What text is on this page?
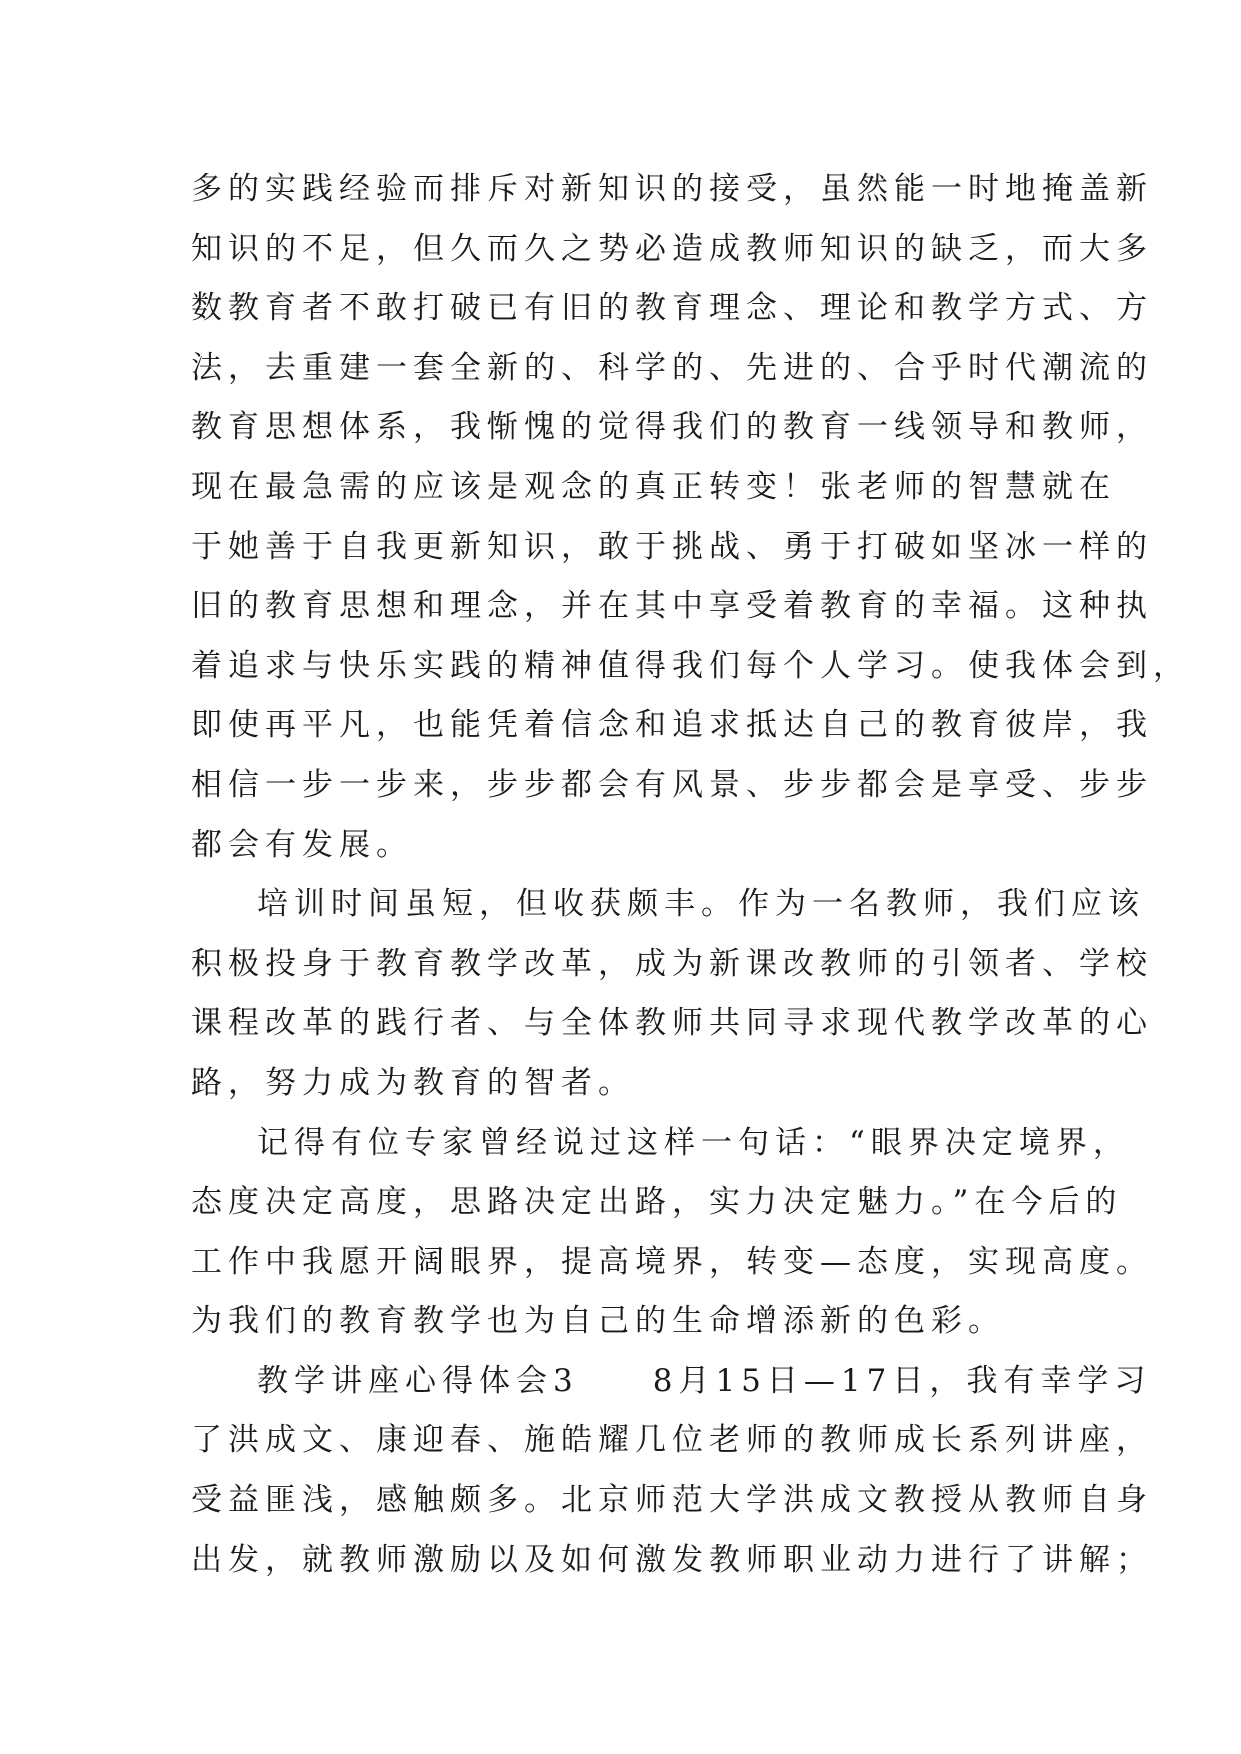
多的实践经验而排斥对新知识的接受，虽然能一时地掩盖新
知识的不足，但久而久之势必造成教师知识的缺乏，而大多
数教育者不敢打破已有旧的教育理念、理论和教学方式、方
法，去重建一套全新的、科学的、先进的、合乎时代潮流的
教育思想体系，我惭愧的觉得我们的教育一线领导和教师，
现在最急需的应该是观念的真正转变！张老师的智慧就在
于她善于自我更新知识，敢于挑战、勇于打破如坚冰一样的
旧的教育思想和理念，并在其中享受着教育的幸福。这种执
着追求与快乐实践的精神值得我们每个人学习。使我体会到，
即使再平凡，也能凭着信念和追求抵达自己的教育彼岸，我
相信一步一步来，步步都会有风景、步步都会是享受、步步
都会有发展。
培训时间虽短，但收获颇丰。作为一名教师，我们应该
积极投身于教育教学改革，成为新课改教师的引领者、学校
课程改革的践行者、与全体教师共同寻求现代教学改革的心
路，努力成为教育的智者。
记得有位专家曾经说过这样一句话：“眼界决定境界，
态度决定高度，思路决定出路，实力决定魅力。”在今后的
工作中我愿开阔眼界，提高境界，转变—态度，实现高度。
为我们的教育教学也为自己的生命增添新的色彩。
教学讲座心得体会3　　8月15日—17日，我有幸学习
了洪成文、康迎春、施皓耀几位老师的教师成长系列讲座，
受益匪浅，感触颇多。北京师范大学洪成文教授从教师自身
出发，就教师激励以及如何激发教师职业动力进行了讲解；
